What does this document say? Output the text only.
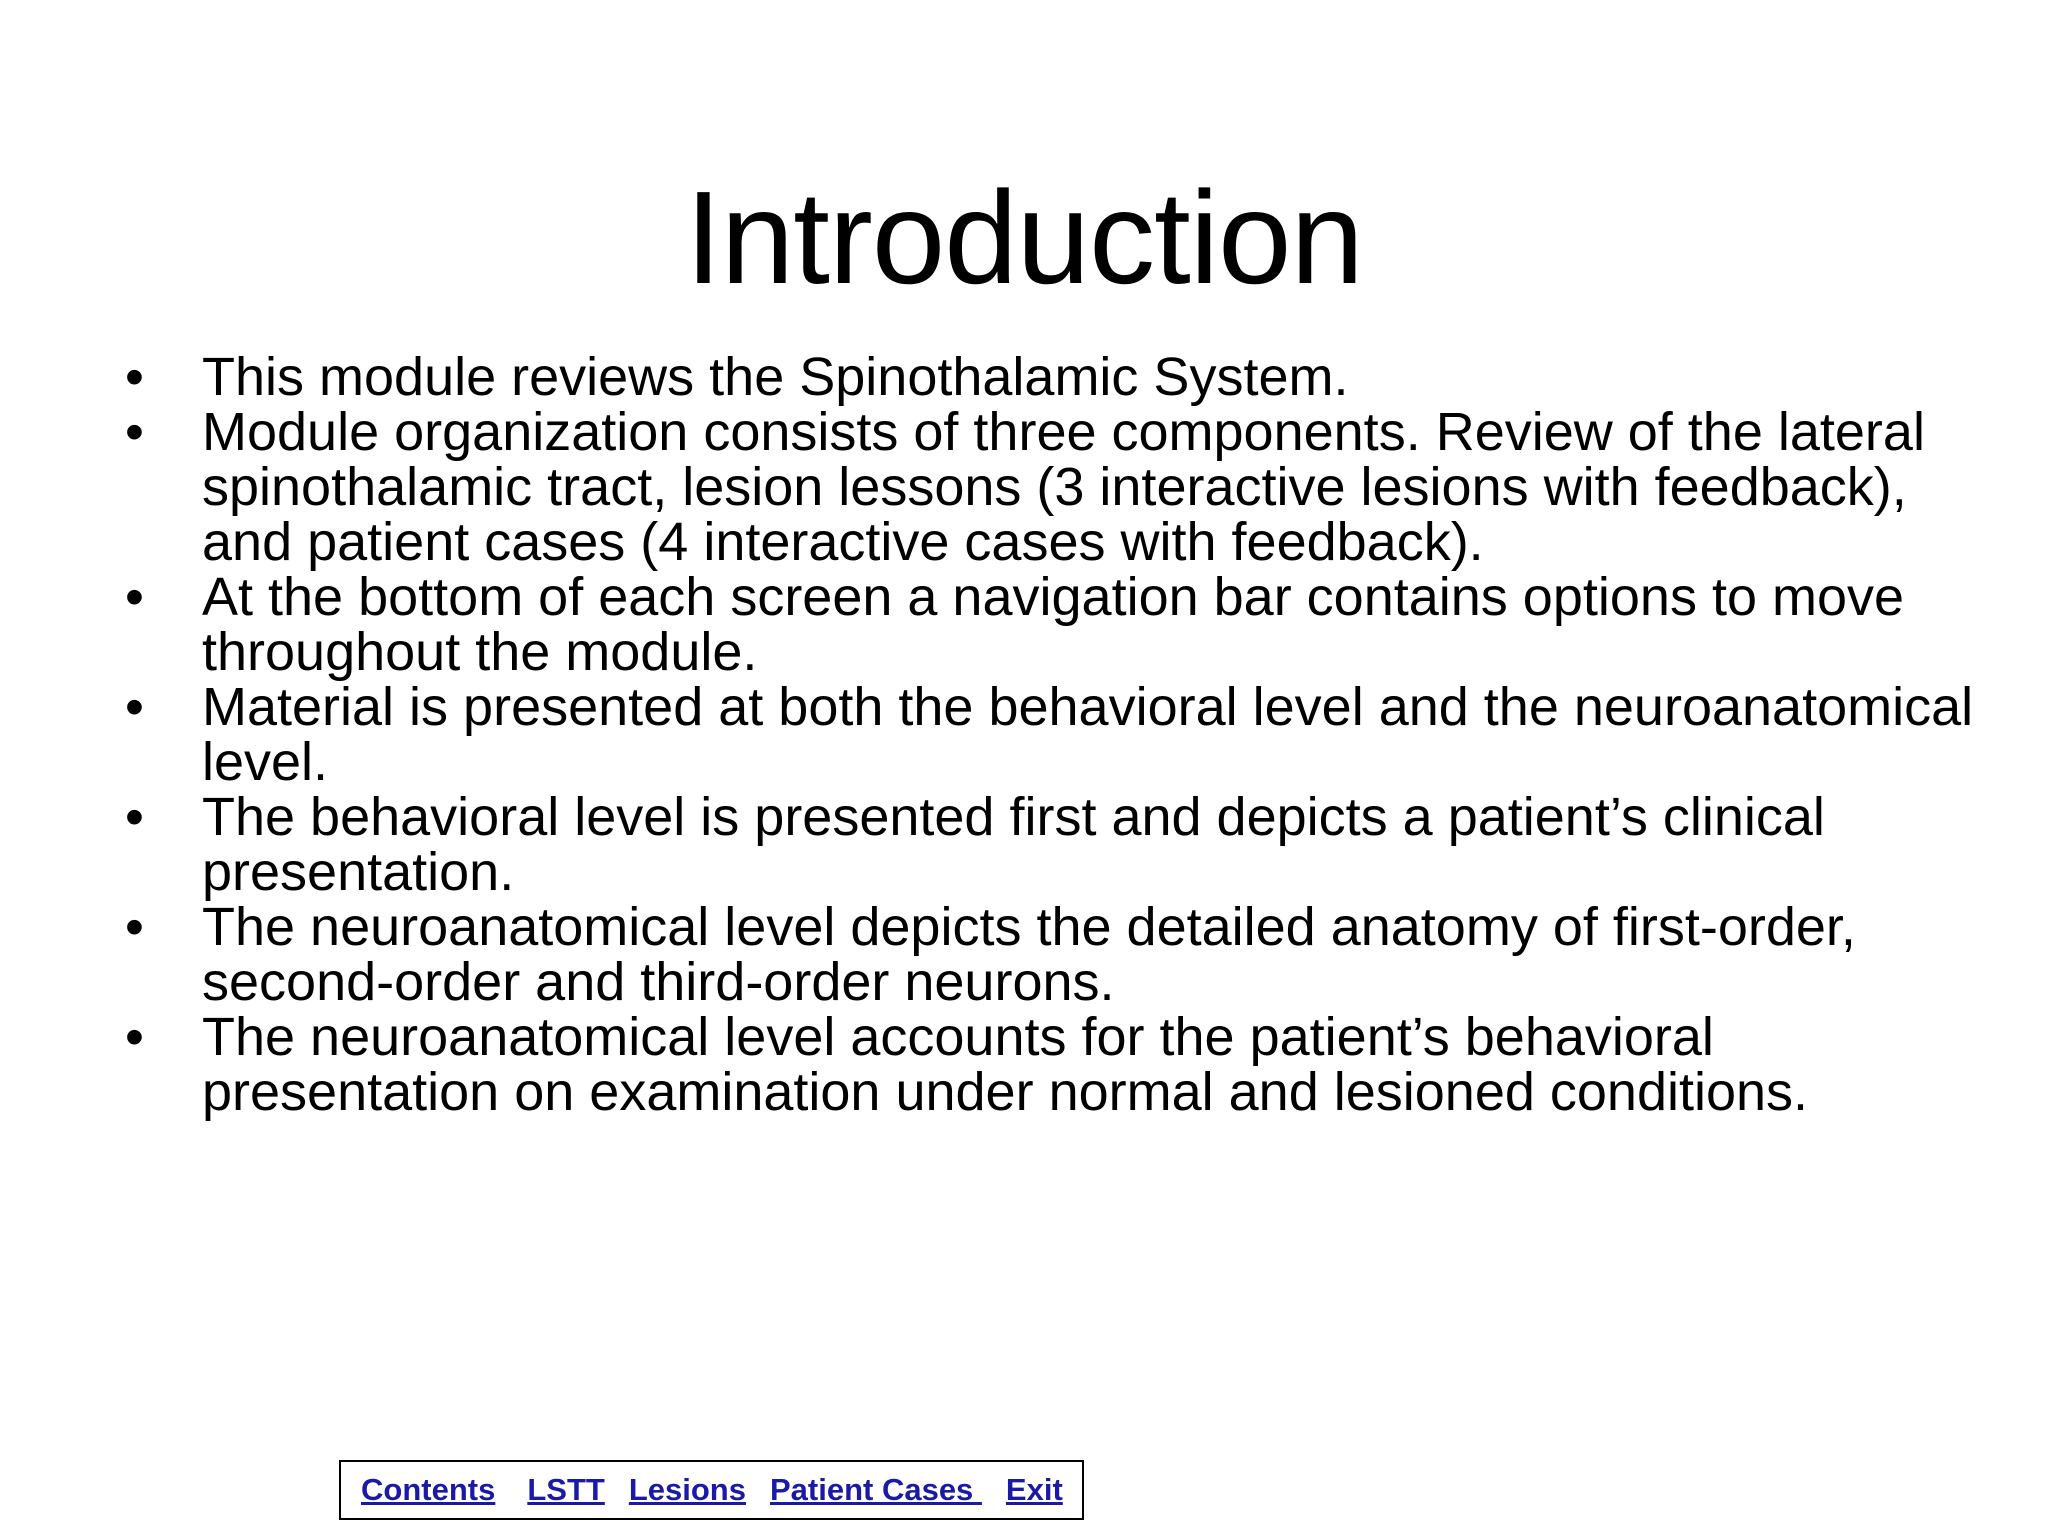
Introduction
•	This module reviews the Spinothalamic System.
•	Module organization consists of three components. Review of the lateral spinothalamic tract, lesion lessons (3 interactive lesions with feedback), and patient cases (4 interactive cases with feedback).
•	At the bottom of each screen a navigation bar contains options to move throughout the module.
•	Material is presented at both the behavioral level and the neuroanatomical level.
•	The behavioral level is presented first and depicts a patient’s clinical presentation.
•	The neuroanatomical level depicts the detailed anatomy of first-order, second-order and third-order neurons.
•	The neuroanatomical level accounts for the patient’s behavioral presentation on examination under normal and lesioned conditions.
Contents LSTT Lesions Patient Cases Exit
